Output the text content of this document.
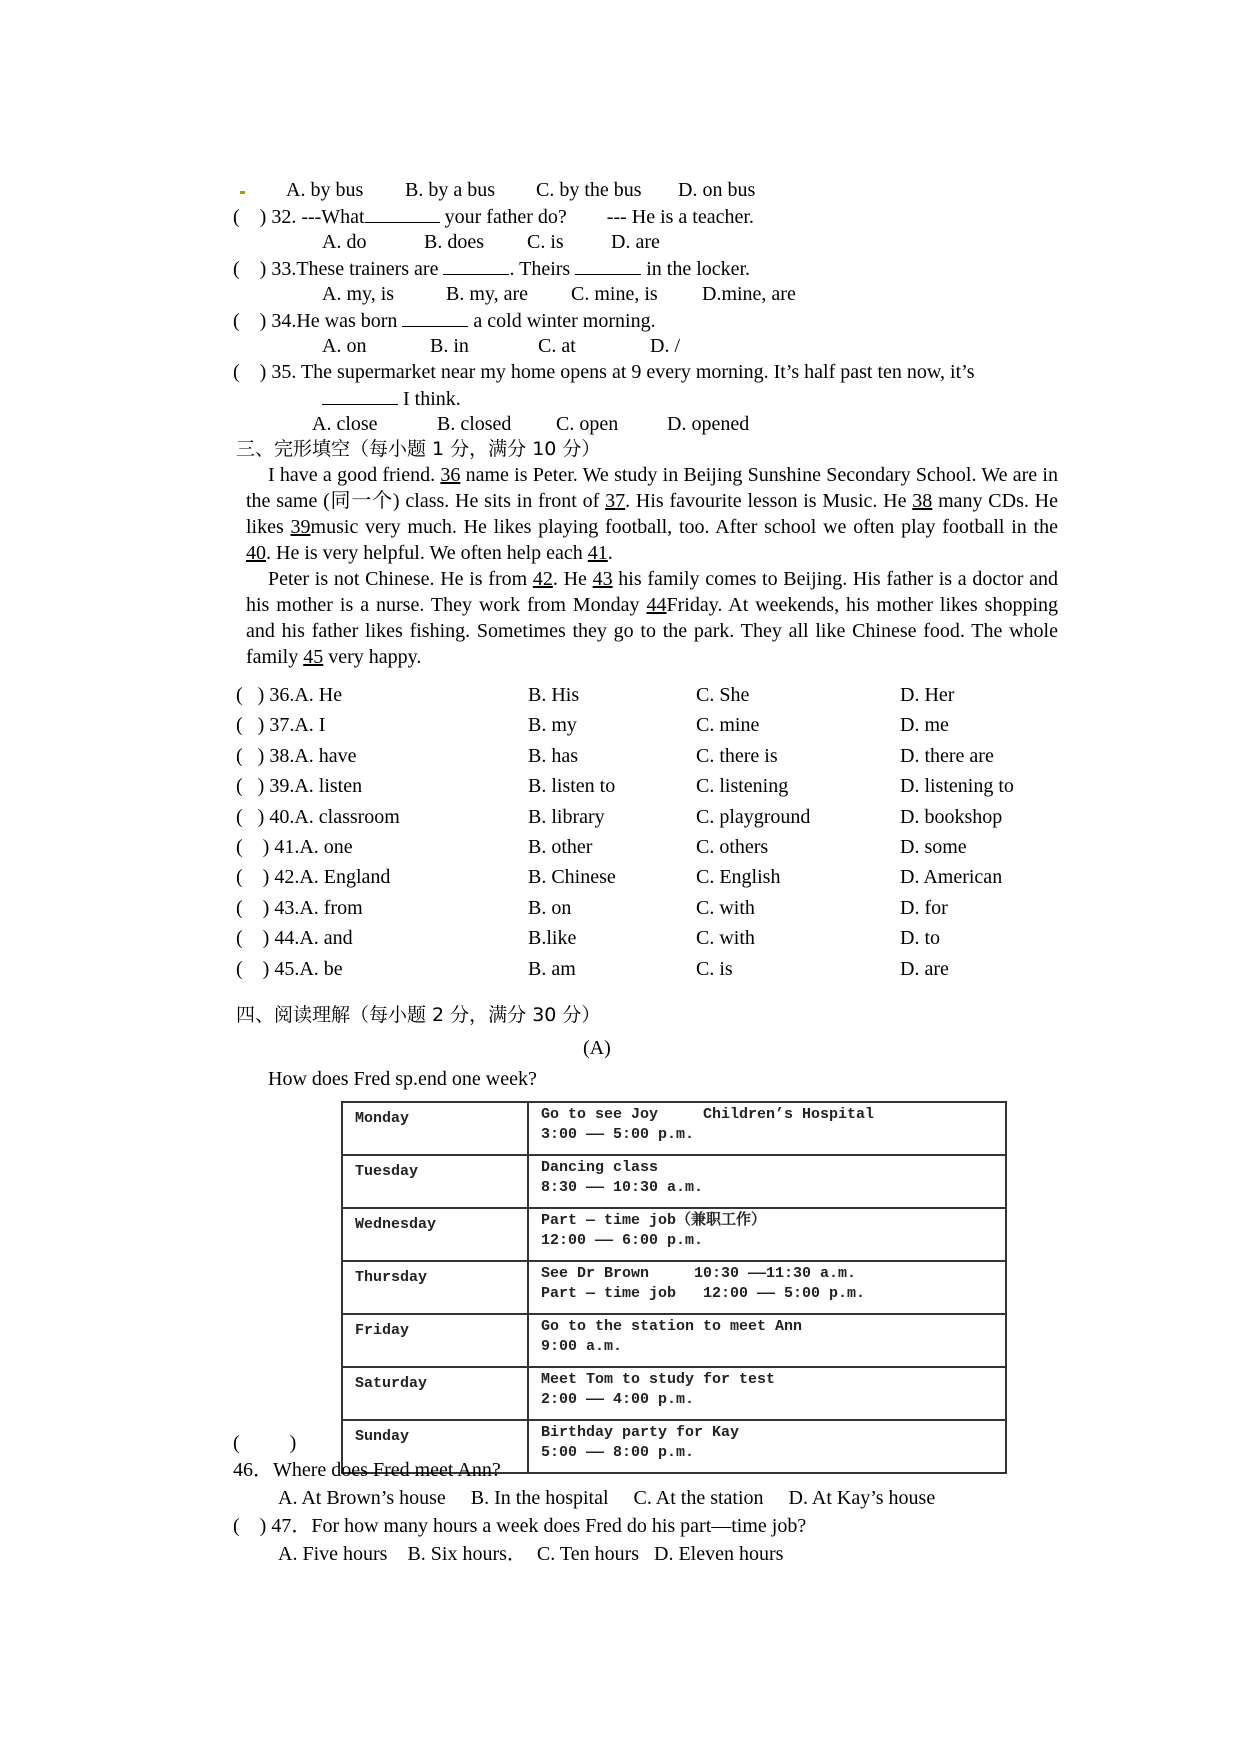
A. by bus B. by a bus C. by the bus D. on bus
(    ) 32. ---What	your father do?        --- He is a teacher.
A. do	B. does C. is D. are
(    ) 33.These trainers are	. Theirs	in the locker.
A. my, is	B. my, are C. mine, is D.mine, are
(    ) 34.He was born	a cold winter morning.
A. on	B. in	C. at	D. /
(    ) 35. The supermarket near my home opens at 9 every morning. It’s half past ten now, it’s
I think.
A. close	B. closed C. open D. opened
三、完形填空（每小题 1 分，满分 10 分）

I have a good friend. 36 name is Peter. We study in Beijing Sunshine Secondary School. We are in the same (同一个) class. He sits in front of 37. His favourite lesson is Music. He 38 many CDs. He likes 39music very much. He likes playing football, too. After school we often play football in the 40. He is very helpful. We often help each 41.

Peter is not Chinese. He is from 42. He 43 his family comes to Beijing. His father is a doctor and his mother is a nurse. They work from Monday 44Friday. At weekends, his mother likes shopping and his father likes fishing. Sometimes they go to the park. They all like Chinese food. The whole family 45 very happy.

(   ) 36.A. He	B. His	C. She	D. Her
(   ) 37.A. I	B. my	C. mine	D. me
(   ) 38.A. have	B. has	C. there is	D. there are
(   ) 39.A. listen	B. listen to	C. listening	D. listening to
(   ) 40.A. classroom	B. library	C. playground	D. bookshop
(    ) 41.A. one	B. other	C. others	D. some
(    ) 42.A. England	B. Chinese	C. English	D. American
(    ) 43.A. from	B. on	C. with	D. for
(    ) 44.A. and	B.like	C. with	D. to
(    ) 45.A. be	B. am	C. is	D. are
四、阅读理解（每小题 2 分，满分 30 分）
(A)
How does Fred sp.end one week?
Monday	Go to see Joy     Children’s Hospital
3:00 —— 5:00 p.m.

Tuesday	Dancing class
8:30 —— 10:30 a.m.

Wednesday	Part — time job（兼职工作）
12:00 —— 6:00 p.m.

Thursday	See Dr Brown     10:30 ——11:30 a.m.
Part — time job   12:00 —— 5:00 p.m.

Friday	Go to the station to meet Ann
9:00 a.m.

Saturday	Meet Tom to study for test
2:00 —— 4:00 p.m.

Sunday	Birthday party for Kay
5:00 —— 8:00 p.m.
(          )
46．Where does Fred meet Ann?
A. At Brown’s house     B. In the hospital     C. At the station     D. At Kay’s house
(    ) 47．For how many hours a week does Fred do his part—time job?
A. Five hours    B. Six hours．  C. Ten hours   D. Eleven hours
